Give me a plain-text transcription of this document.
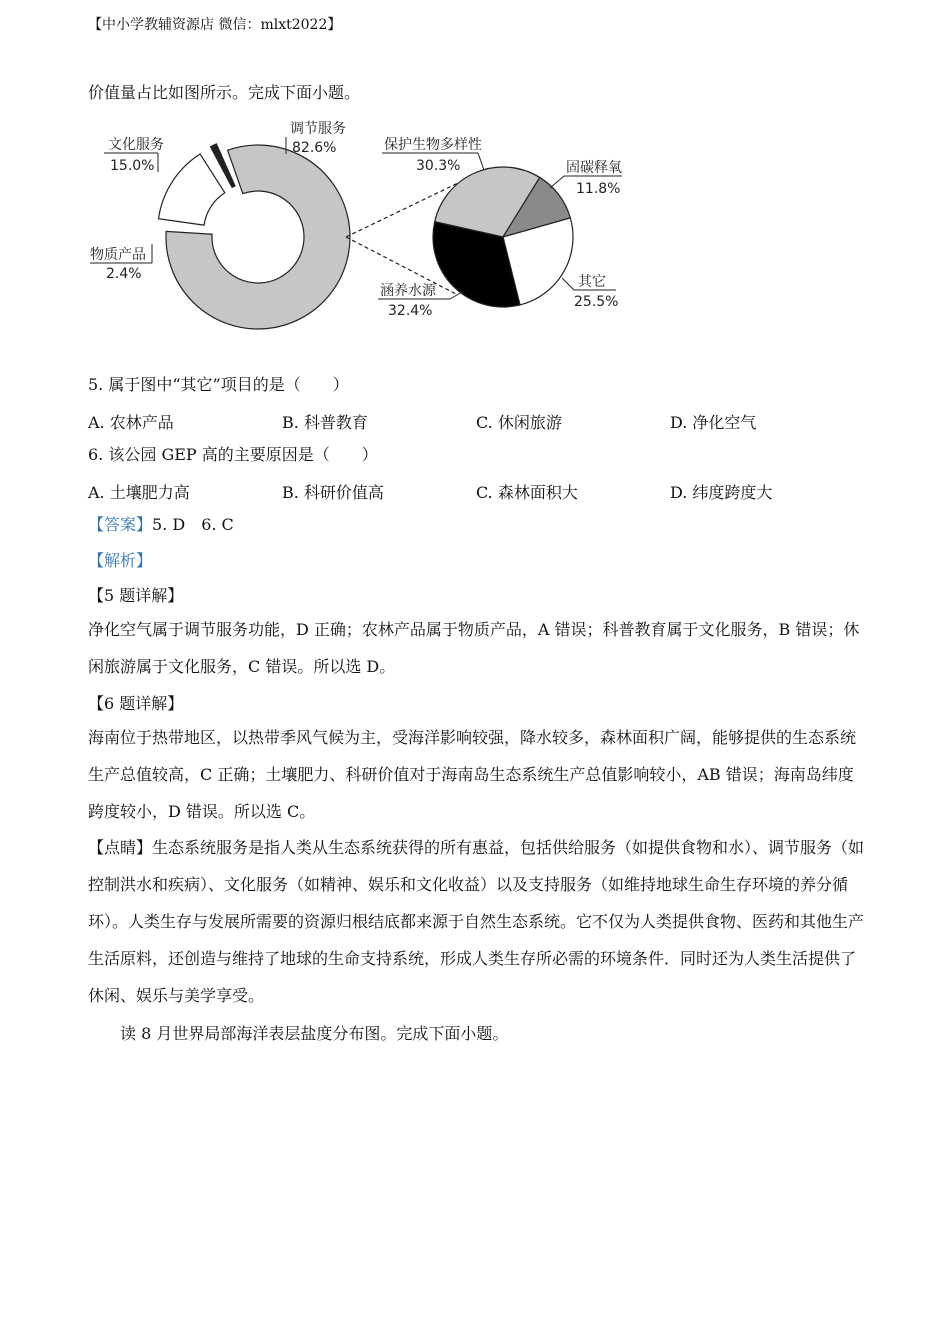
【中小学教辅资源店 微信：mlxt2022】
价值量占比如图所示。完成下面小题。
文化服务
15.0%
调节服务
82.6%
物质产品
2.4%
保护生物多样性
30.3%	固碳释氧
11.8%
其它
25.5%
涵养水源
32.4%
5. 属于图中“其它”项目的是（　　）
A. 农林产品	B. 科普教育	C. 休闲旅游	D. 净化空气
6. 该公园 GEP 高的主要原因是（　　）
A. 土壤肥力高	B. 科研价值高	C. 森林面积大	D. 纬度跨度大
【答案】5. D　6. C
【解析】
【5 题详解】
净化空气属于调节服务功能，D 正确；农林产品属于物质产品，A 错误；科普教育属于文化服务，B 错误；休闲旅游属于文化服务，C 错误。所以选 D。
【6 题详解】
海南位于热带地区，以热带季风气候为主，受海洋影响较强，降水较多，森林面积广阔，能够提供的生态系统生产总值较高，C 正确；土壤肥力、科研价值对于海南岛生态系统生产总值影响较小，AB 错误；海南岛纬度跨度较小，D 错误。所以选 C。
【点睛】生态系统服务是指人类从生态系统获得的所有惠益，包括供给服务（如提供食物和水）、调节服务（如控制洪水和疾病）、文化服务（如精神、娱乐和文化收益）以及支持服务（如维持地球生命生存环境的养分循环）。人类生存与发展所需要的资源归根结底都来源于自然生态系统。它不仅为人类提供食物、医药和其他生产生活原料，还创造与维持了地球的生命支持系统，形成人类生存所必需的环境条件．同时还为人类生活提供了休闲、娱乐与美学享受。
读 8 月世界局部海洋表层盐度分布图。完成下面小题。
